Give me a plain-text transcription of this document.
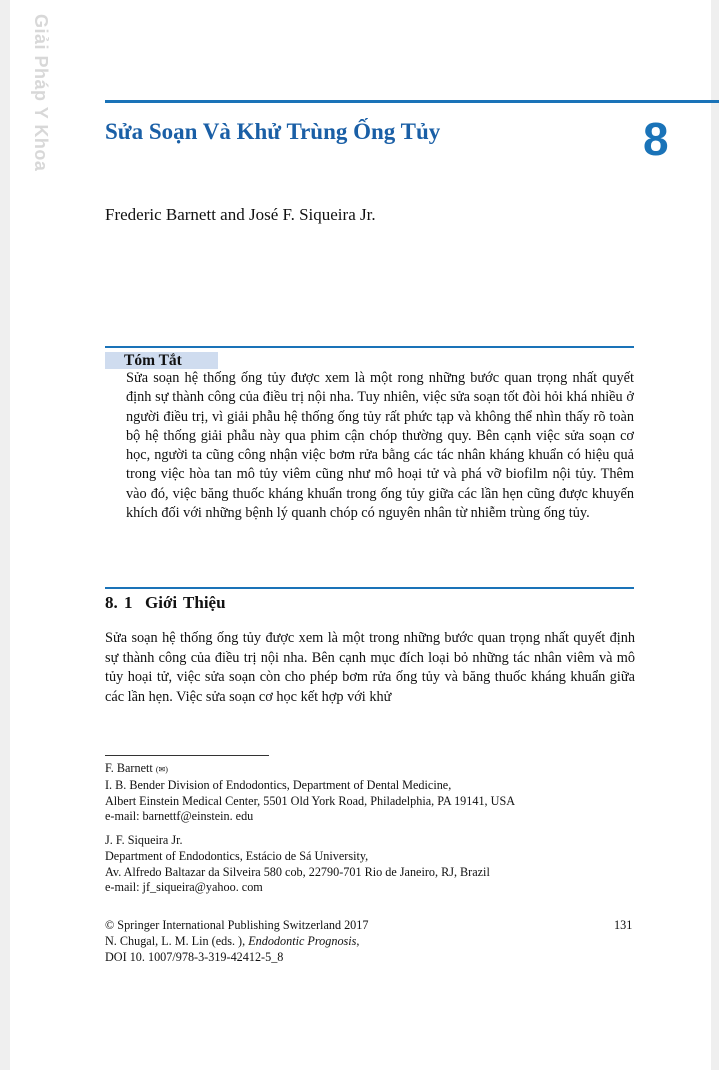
Giải Pháp Y Khoa Sửa Soạn Và Khử Trùng Ống Tủy	8
Frederic Barnett and José F. Siqueira Jr.
Tóm Tắt

Sửa soạn hệ thống ống tủy được xem là một rong những bước quan trọng nhất quyết định sự thành công của điều trị nội nha. Tuy nhiên, việc sửa soạn tốt đòi hỏi khá nhiều ở người điều trị, vì giải phẫu hệ thống ống tủy rất phức tạp và không thể nhìn thấy rõ toàn bộ hệ thống giải phẫu này qua phim cận chóp thường quy. Bên cạnh việc sửa soạn cơ học, người ta cũng công nhận việc bơm rửa bằng các tác nhân kháng khuẩn có hiệu quả trong việc hòa tan mô tủy viêm cũng như mô hoại tử và phá vỡ biofilm nội tủy. Thêm vào đó, việc băng thuốc kháng khuẩn trong ống tủy giữa các lần hẹn cũng được khuyến khích đối với những bệnh lý quanh chóp có nguyên nhân từ nhiễm trùng ống tủy.

8. 1 Giới Thiệu

Sửa soạn hệ thống ống tủy được xem là một trong những bước quan trọng nhất quyết định sự thành công của điều trị nội nha. Bên cạnh mục đích loại bỏ những tác nhân viêm và mô tủy hoại tử, việc sửa soạn còn cho phép bơm rửa ống tủy và băng thuốc kháng khuẩn giữa các lần hẹn. Việc sửa soạn cơ học kết hợp với khử

F. Barnett (✉)
I. B. Bender Division of Endodontics, Department of Dental Medicine,
Albert Einstein Medical Center, 5501 Old York Road, Philadelphia, PA 19141, USA
e-mail: barnettf@einstein. edu
J. F. Siqueira Jr.
Department of Endodontics, Estácio de Sá University,
Av. Alfredo Baltazar da Silveira 580 cob, 22790-701 Rio de Janeiro, RJ, Brazil
e-mail: jf_siqueira@yahoo. com
© Springer International Publishing Switzerland 2017
N. Chugal, L. M. Lin (eds. ), Endodontic Prognosis,
DOI 10. 1007/978-3-319-42412-5_8
131
